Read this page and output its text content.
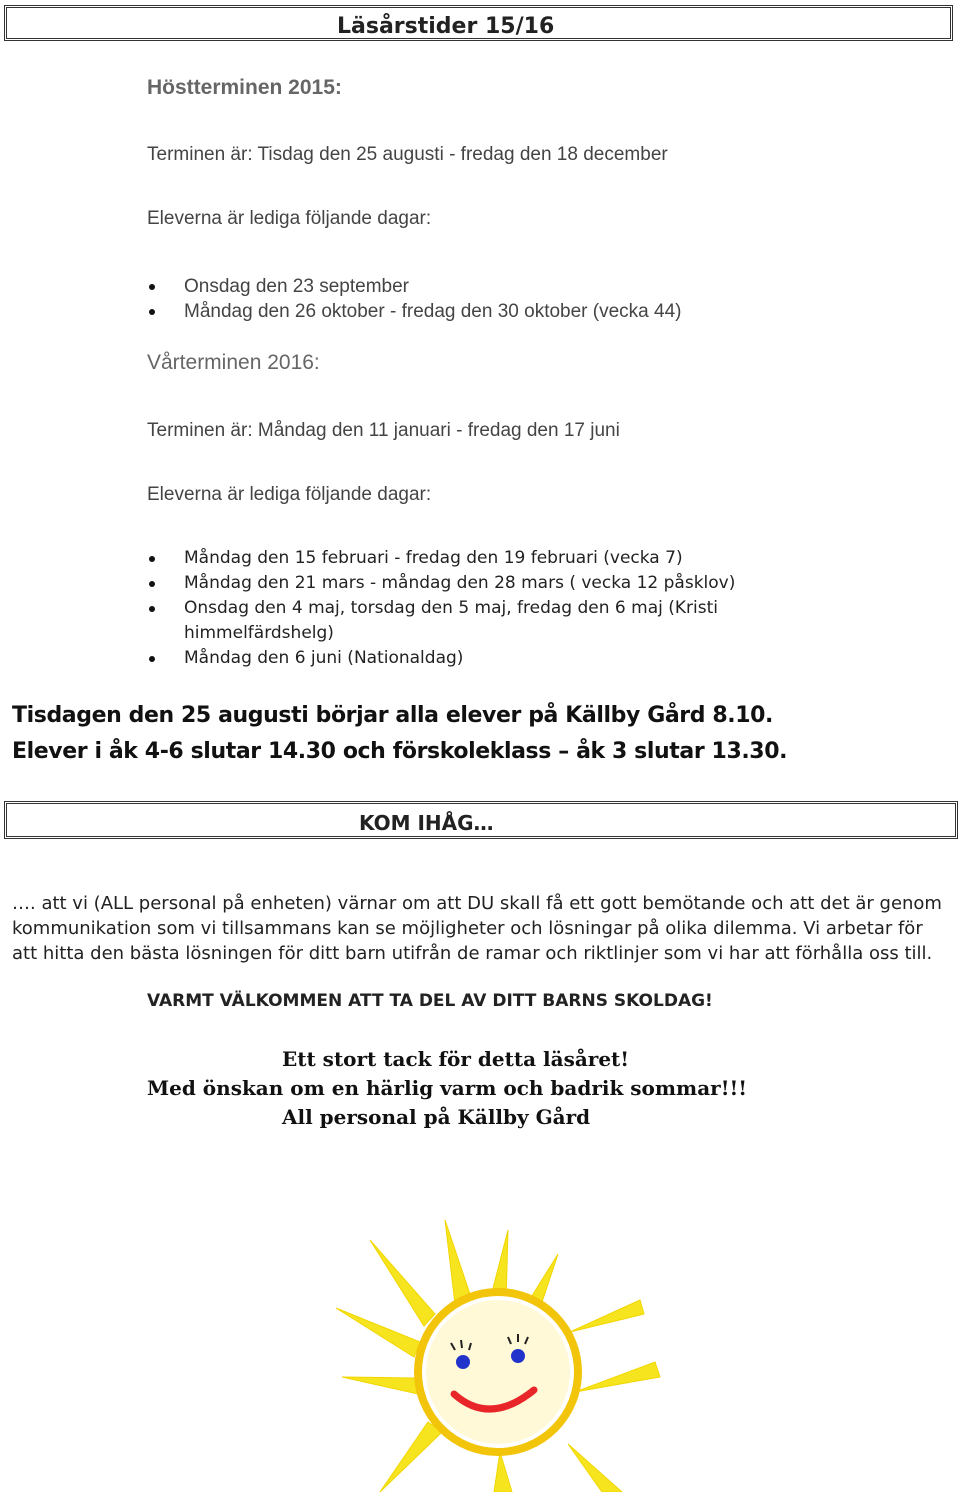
Läsårstider 15/16
Höstterminen 2015:
Terminen är: Tisdag den 25 augusti - fredag den 18 december
Eleverna är lediga följande dagar:
Onsdag den 23 september
Måndag den 26 oktober - fredag den 30 oktober (vecka 44)
Vårterminen 2016:
Terminen är: Måndag den 11 januari - fredag den 17 juni
Eleverna är lediga följande dagar:
Måndag den 15 februari - fredag den 19 februari (vecka 7)
Måndag den 21 mars - måndag den 28 mars ( vecka 12 påsklov)
Onsdag den 4 maj, torsdag den 5 maj, fredag den 6 maj (Kristi himmelfärdshelg)
Måndag den 6 juni (Nationaldag)
Tisdagen den 25 augusti börjar alla elever på Källby Gård 8.10.
Elever i åk 4-6 slutar 14.30 och förskoleklass – åk 3 slutar 13.30.
KOM IHÅG…
…. att vi (ALL personal på enheten) värnar om att DU skall få ett gott bemötande och att det är genom kommunikation som vi tillsammans kan se möjligheter och lösningar på olika dilemma. Vi arbetar för att hitta den bästa lösningen för ditt barn utifrån de ramar och riktlinjer som vi har att förhålla oss till.
VARMT VÄLKOMMEN ATT TA DEL AV DITT BARNS SKOLDAG!
Ett stort tack för detta läsåret!
Med önskan om en härlig varm och badrik sommar!!!
All personal på Källby Gård
